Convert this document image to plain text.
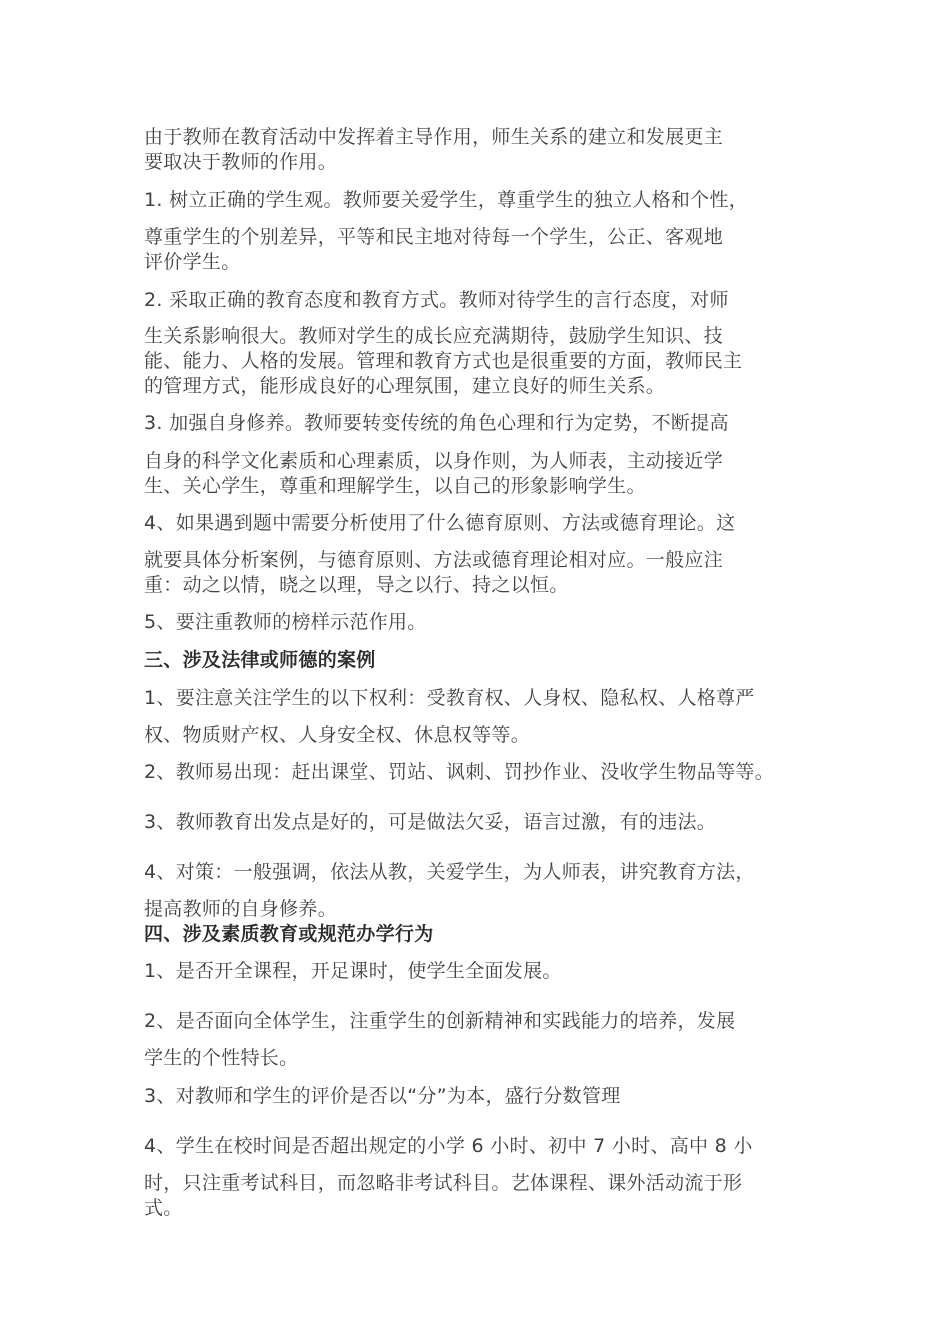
由于教师在教育活动中发挥着主导作用，师生关系的建立和发展更主

要取决于教师的作用。

1. 树立正确的学生观。教师要关爱学生，尊重学生的独立人格和个性，

尊重学生的个别差异，平等和民主地对待每一个学生，公正、客观地

评价学生。

2. 采取正确的教育态度和教育方式。教师对待学生的言行态度，对师

生关系影响很大。教师对学生的成长应充满期待，鼓励学生知识、技

能、能力、人格的发展。管理和教育方式也是很重要的方面，教师民主

的管理方式，能形成良好的心理氛围，建立良好的师生关系。

3. 加强自身修养。教师要转变传统的角色心理和行为定势，不断提高

自身的科学文化素质和心理素质，以身作则，为人师表，主动接近学

生、关心学生，尊重和理解学生，以自己的形象影响学生。

4、如果遇到题中需要分析使用了什么德育原则、方法或德育理论。这

就要具体分析案例，与德育原则、方法或德育理论相对应。一般应注

重：动之以情，晓之以理，导之以行、持之以恒。

5、要注重教师的榜样示范作用。

三、涉及法律或师德的案例

1、要注意关注学生的以下权利：受教育权、人身权、隐私权、人格尊严

权、物质财产权、人身安全权、休息权等等。

2、教师易出现：赶出课堂、罚站、讽刺、罚抄作业、没收学生物品等等。

3、教师教育出发点是好的，可是做法欠妥，语言过激，有的违法。

4、对策：一般强调，依法从教，关爱学生，为人师表，讲究教育方法，

提高教师的自身修养。

四、涉及素质教育或规范办学行为

1、是否开全课程，开足课时，使学生全面发展。

2、是否面向全体学生，注重学生的创新精神和实践能力的培养，发展

学生的个性特长。

3、对教师和学生的评价是否以“分”为本，盛行分数管理

4、学生在校时间是否超出规定的小学 6 小时、初中 7 小时、高中 8 小

时，只注重考试科目，而忽略非考试科目。艺体课程、课外活动流于形

式。
